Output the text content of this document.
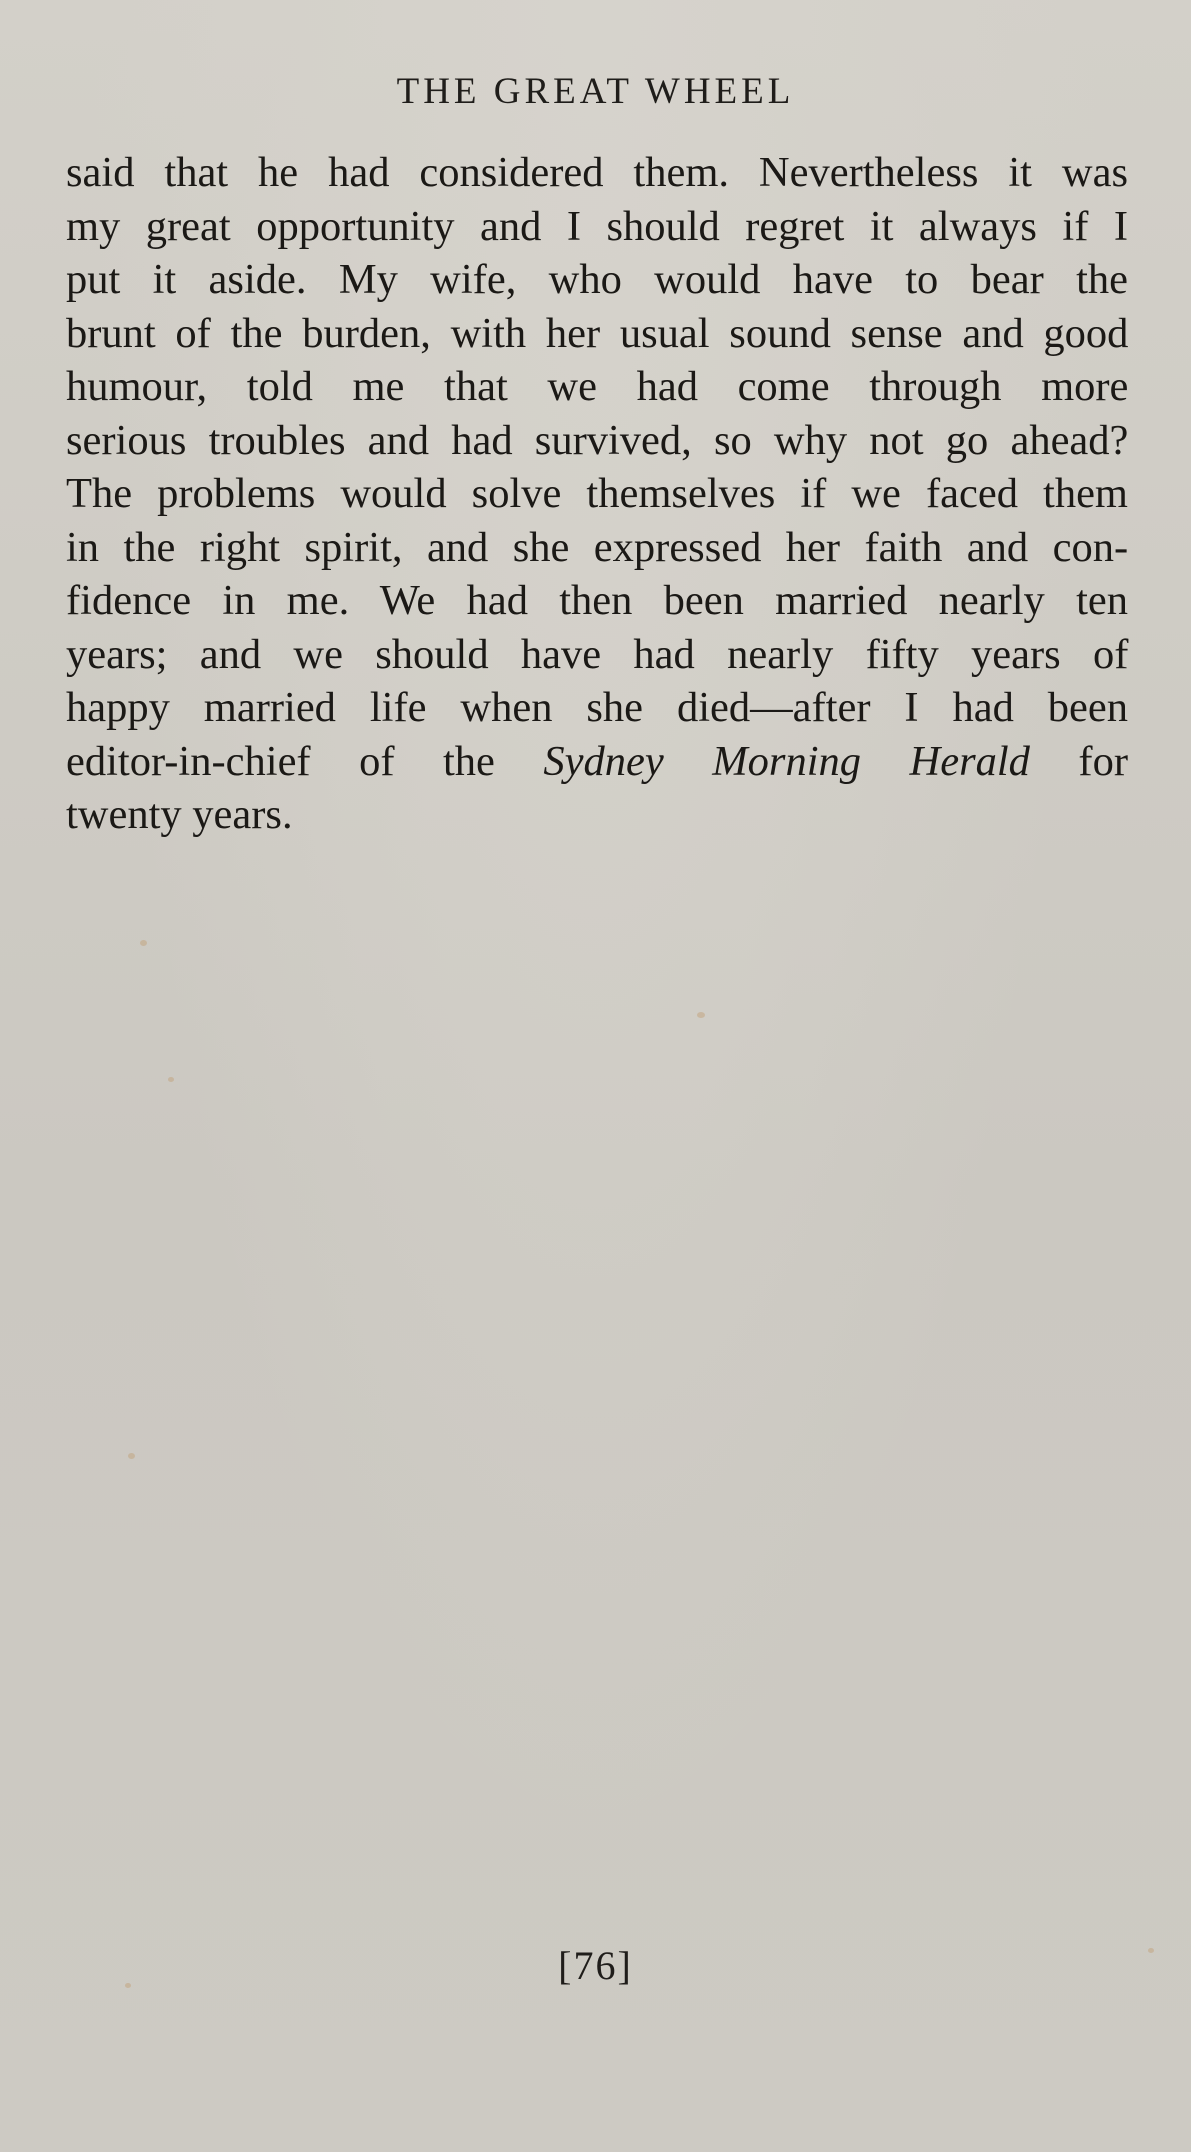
THE GREAT WHEEL
said that he had considered them. Nevertheless it was
my great opportunity and I should regret it always if I
put it aside. My wife, who would have to bear the
brunt of the burden, with her usual sound sense and good
humour, told me that we had come through more
serious troubles and had survived, so why not go ahead?
The problems would solve themselves if we faced them
in the right spirit, and she expressed her faith and con-
fidence in me. We had then been married nearly ten
years; and we should have had nearly fifty years of
happy married life when she died—after I had been
editor-in-chief of the Sydney Morning Herald for
twenty years.
[76]
